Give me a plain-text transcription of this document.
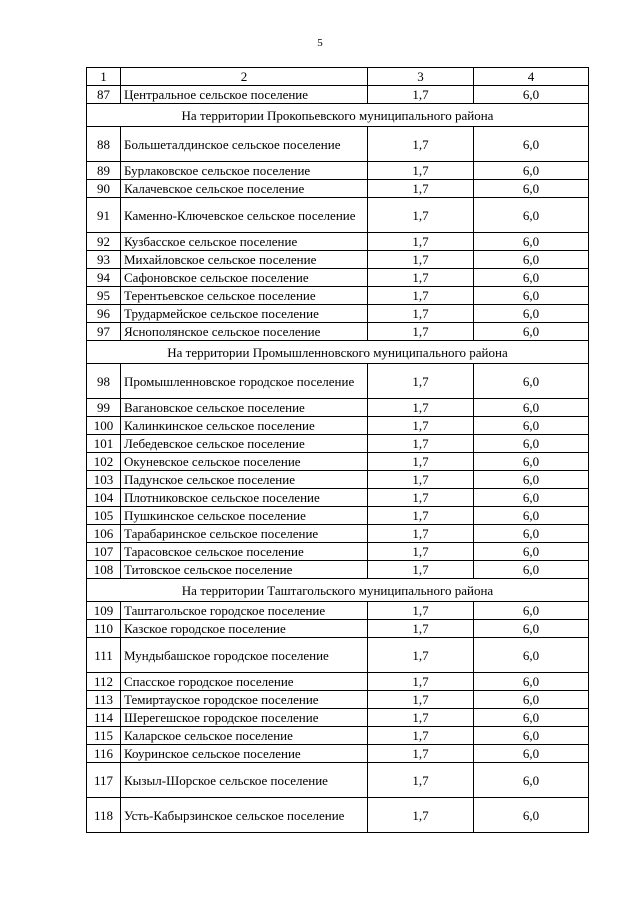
5
1	2	3	4
87	Центральное сельское поселение	1,7	6,0
На территории Прокопьевского муниципального района			
88	Большеталдинское сельское поселение	1,7	6,0
89	Бурлаковское сельское поселение	1,7	6,0
90	Калачевское сельское поселение	1,7	6,0
91	Каменно-Ключевское сельское поселение	1,7	6,0
92	Кузбасское сельское поселение	1,7	6,0
93	Михайловское сельское поселение	1,7	6,0
94	Сафоновское сельское поселение	1,7	6,0
95	Терентьевское сельское поселение	1,7	6,0
96	Трудармейское сельское поселение	1,7	6,0
97	Яснополянское сельское поселение	1,7	6,0
На территории Промышленновского муниципального района			
98	Промышленновское городское поселение	1,7	6,0
99	Вагановское сельское поселение	1,7	6,0
100	Калинкинское сельское поселение	1,7	6,0
101	Лебедевское сельское поселение	1,7	6,0
102	Окуневское сельское поселение	1,7	6,0
103	Падунское сельское поселение	1,7	6,0
104	Плотниковское сельское поселение	1,7	6,0
105	Пушкинское сельское поселение	1,7	6,0
106	Тарабаринское сельское поселение	1,7	6,0
107	Тарасовское сельское поселение	1,7	6,0
108	Титовское сельское поселение	1,7	6,0
На территории Таштагольского муниципального района			
109	Таштагольское городское поселение	1,7	6,0
110	Казское городское поселение	1,7	6,0
111	Мундыбашское городское поселение	1,7	6,0
112	Спасское городское поселение	1,7	6,0
113	Темиртауское городское поселение	1,7	6,0
114	Шерегешское городское поселение	1,7	6,0
115	Каларское сельское поселение	1,7	6,0
116	Коуринское сельское поселение	1,7	6,0
117	Кызыл-Шорское сельское поселение	1,7	6,0
118	Усть-Кабырзинское сельское поселение	1,7	6,0
